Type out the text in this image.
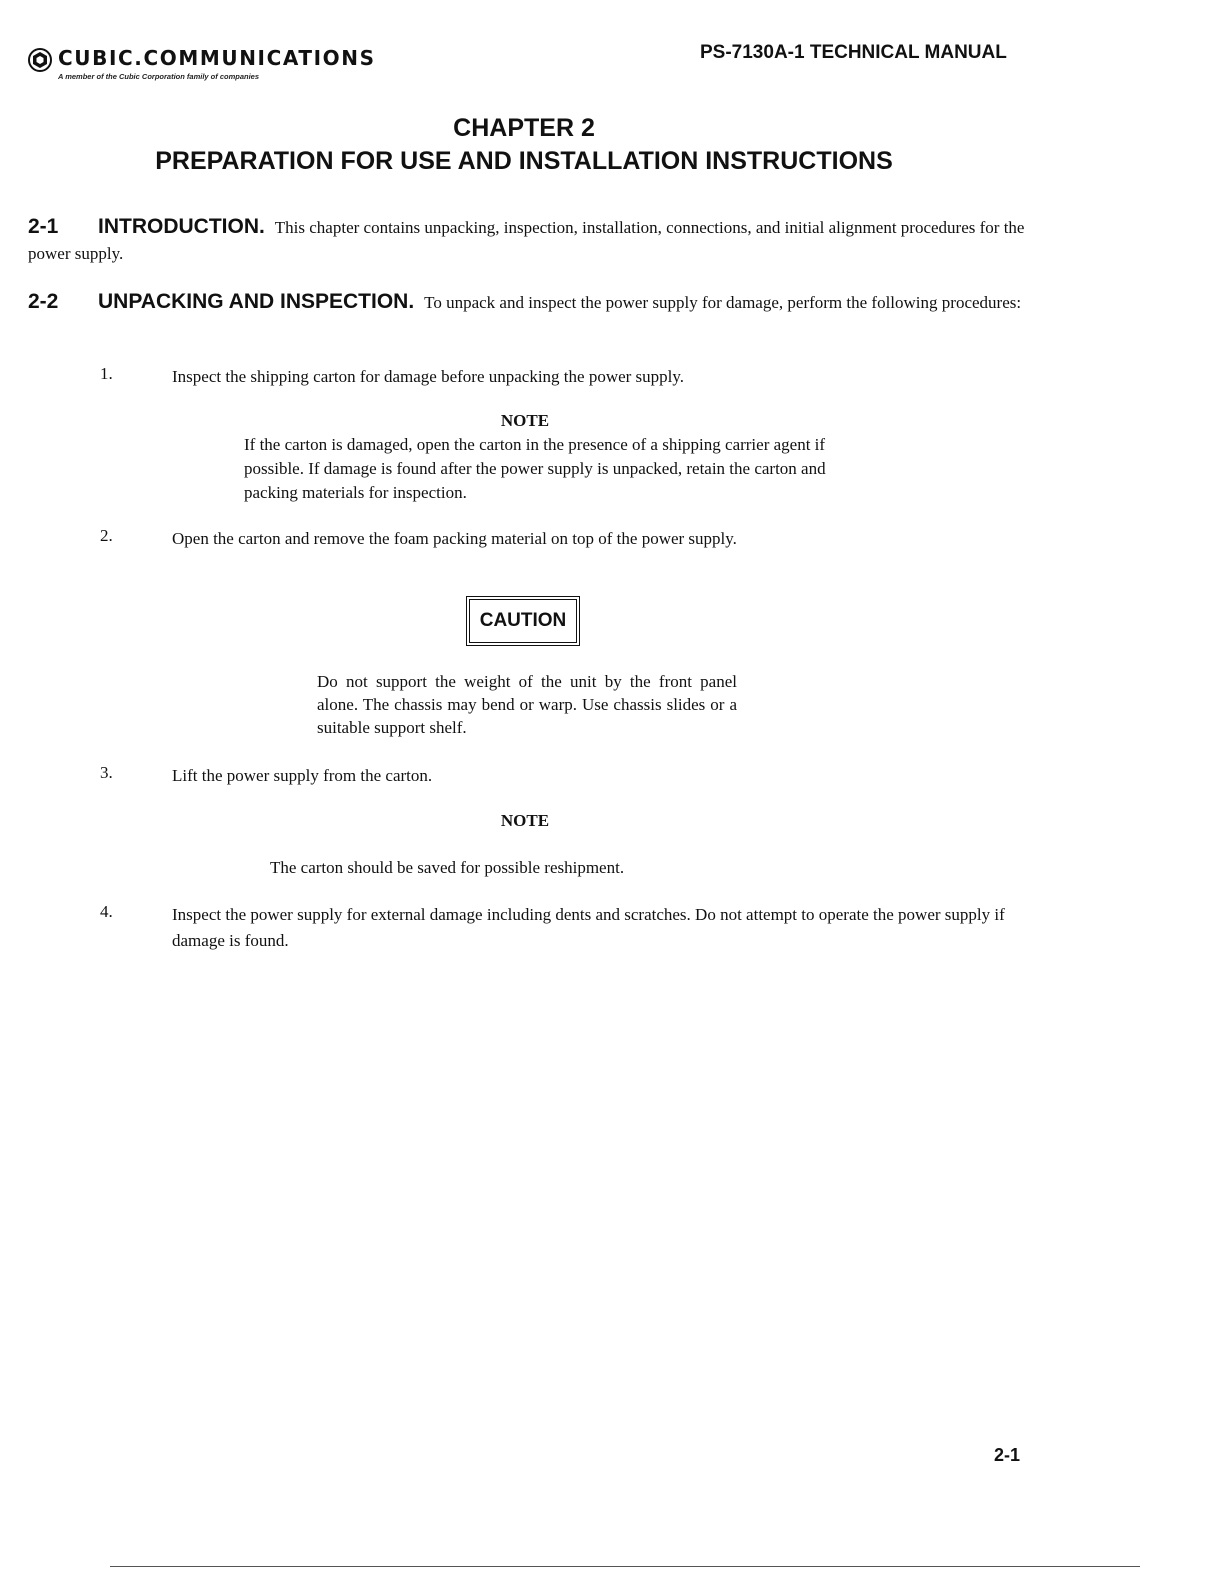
CUBIC.COMMUNICATIONS
A member of the Cubic Corporation family of companies
PS-7130A-1 TECHNICAL MANUAL
CHAPTER 2
PREPARATION FOR USE AND INSTALLATION INSTRUCTIONS
2-1 INTRODUCTION. This chapter contains unpacking, inspection, installation, connections, and initial alignment procedures for the power supply.
2-2 UNPACKING AND INSPECTION. To unpack and inspect the power supply for damage, perform the following procedures:
1.	Inspect the shipping carton for damage before unpacking the power supply.
NOTE
If the carton is damaged, open the carton in the presence of a shipping carrier agent if possible. If damage is found after the power supply is unpacked, retain the carton and packing materials for inspection.
2.	Open the carton and remove the foam packing material on top of the power supply.
CAUTION
Do not support the weight of the unit by the front panel alone. The chassis may bend or warp. Use chassis slides or a suitable support shelf.
3.	Lift the power supply from the carton.
NOTE
The carton should be saved for possible reshipment.
4.	Inspect the power supply for external damage including dents and scratches. Do not attempt to operate the power supply if damage is found.
2-1
